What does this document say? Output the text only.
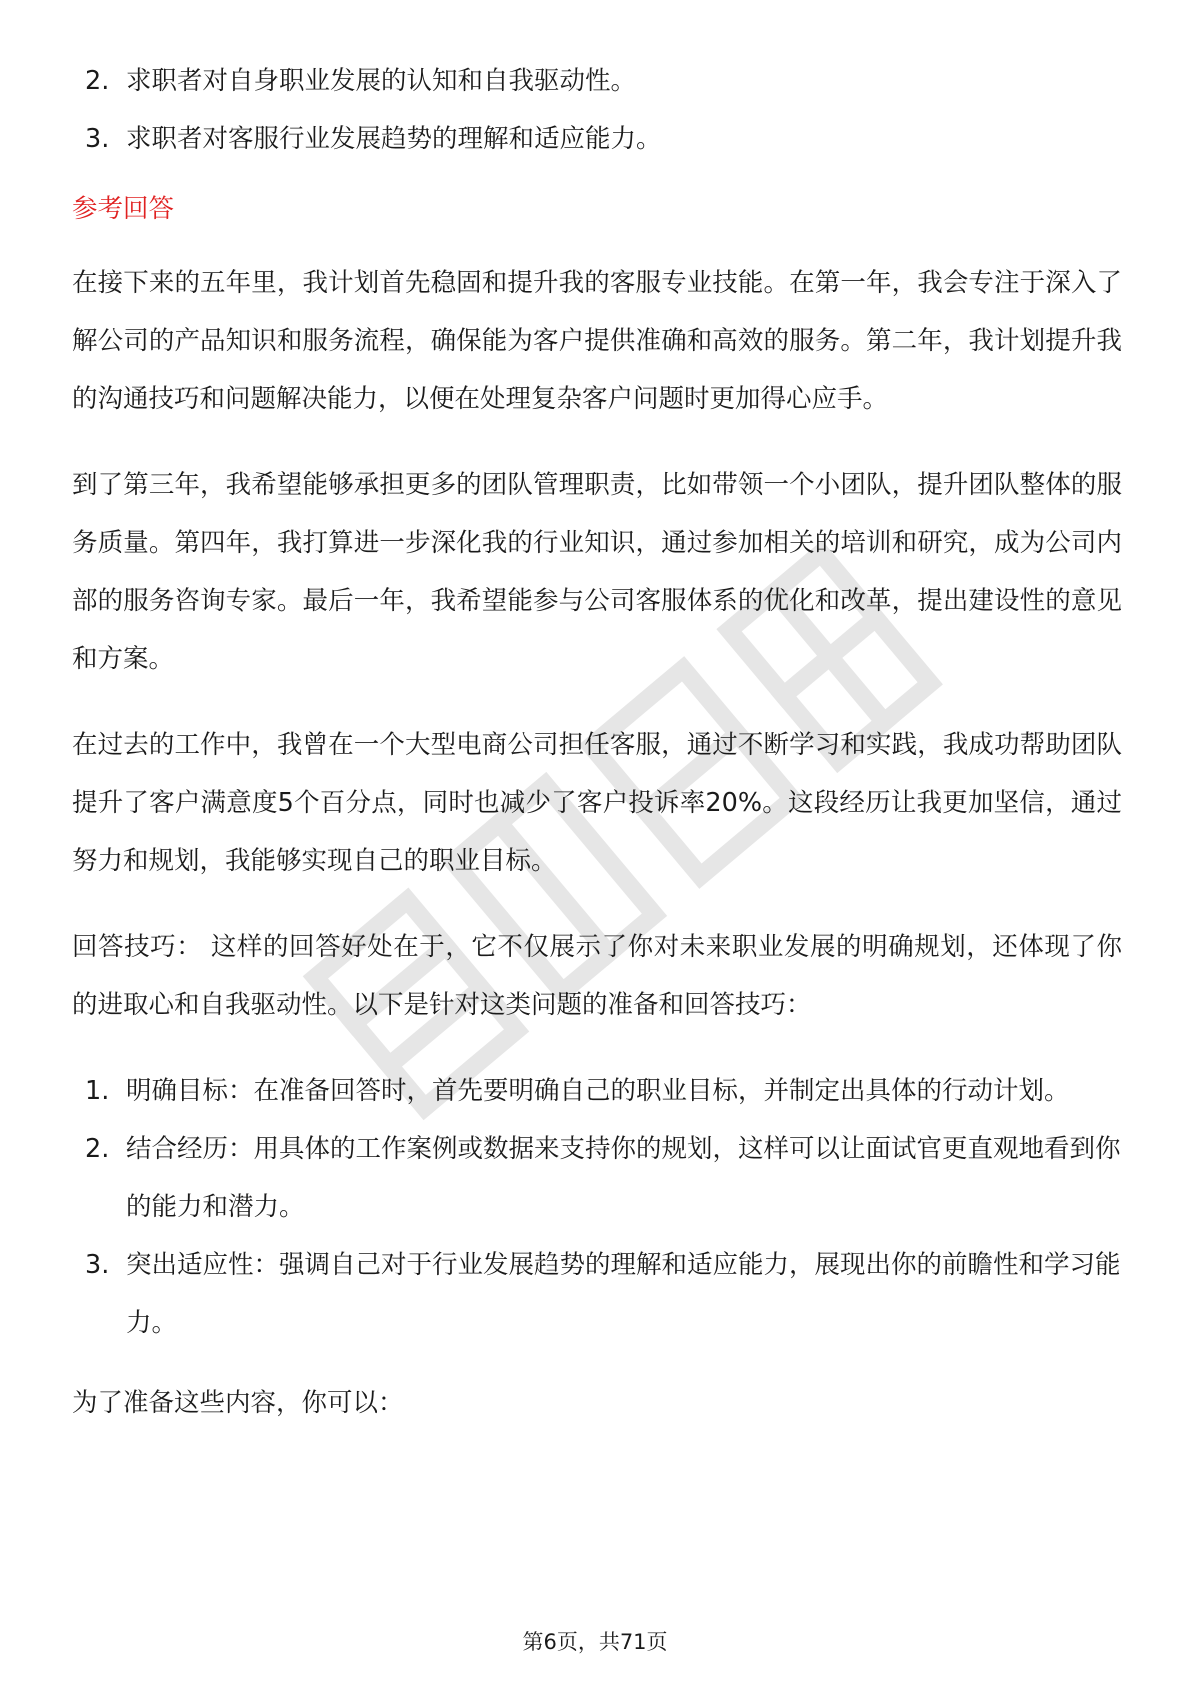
2. 求职者对自身职业发展的认知和自我驱动性。
3. 求职者对客服行业发展趋势的理解和适应能力。
参考回答

在接下来的五年里，我计划首先稳固和提升我的客服专业技能。在第一年，我会专注于深入了解公司的产品知识和服务流程，确保能为客户提供准确和高效的服务。第二年，我计划提升我的沟通技巧和问题解决能力，以便在处理复杂客户问题时更加得心应手。

到了第三年，我希望能够承担更多的团队管理职责，比如带领一个小团队，提升团队整体的服务质量。第四年，我打算进一步深化我的行业知识，通过参加相关的培训和研究，成为公司内部的服务咨询专家。最后一年，我希望能参与公司客服体系的优化和改革，提出建设性的意见和方案。

在过去的工作中，我曾在一个大型电商公司担任客服，通过不断学习和实践，我成功帮助团队提升了客户满意度5个百分点，同时也减少了客户投诉率20%。这段经历让我更加坚信，通过努力和规划，我能够实现自己的职业目标。

回答技巧： 这样的回答好处在于，它不仅展示了你对未来职业发展的明确规划，还体现了你的进取心和自我驱动性。以下是针对这类问题的准备和回答技巧：

1. 明确目标：在准备回答时，首先要明确自己的职业目标，并制定出具体的行动计划。
2. 结合经历：用具体的工作案例或数据来支持你的规划，这样可以让面试官更直观地看到你的能力和潜力。
3. 突出适应性：强调自己对于行业发展趋势的理解和适应能力，展现出你的前瞻性和学习能力。

为了准备这些内容，你可以：

第6页，共71页
